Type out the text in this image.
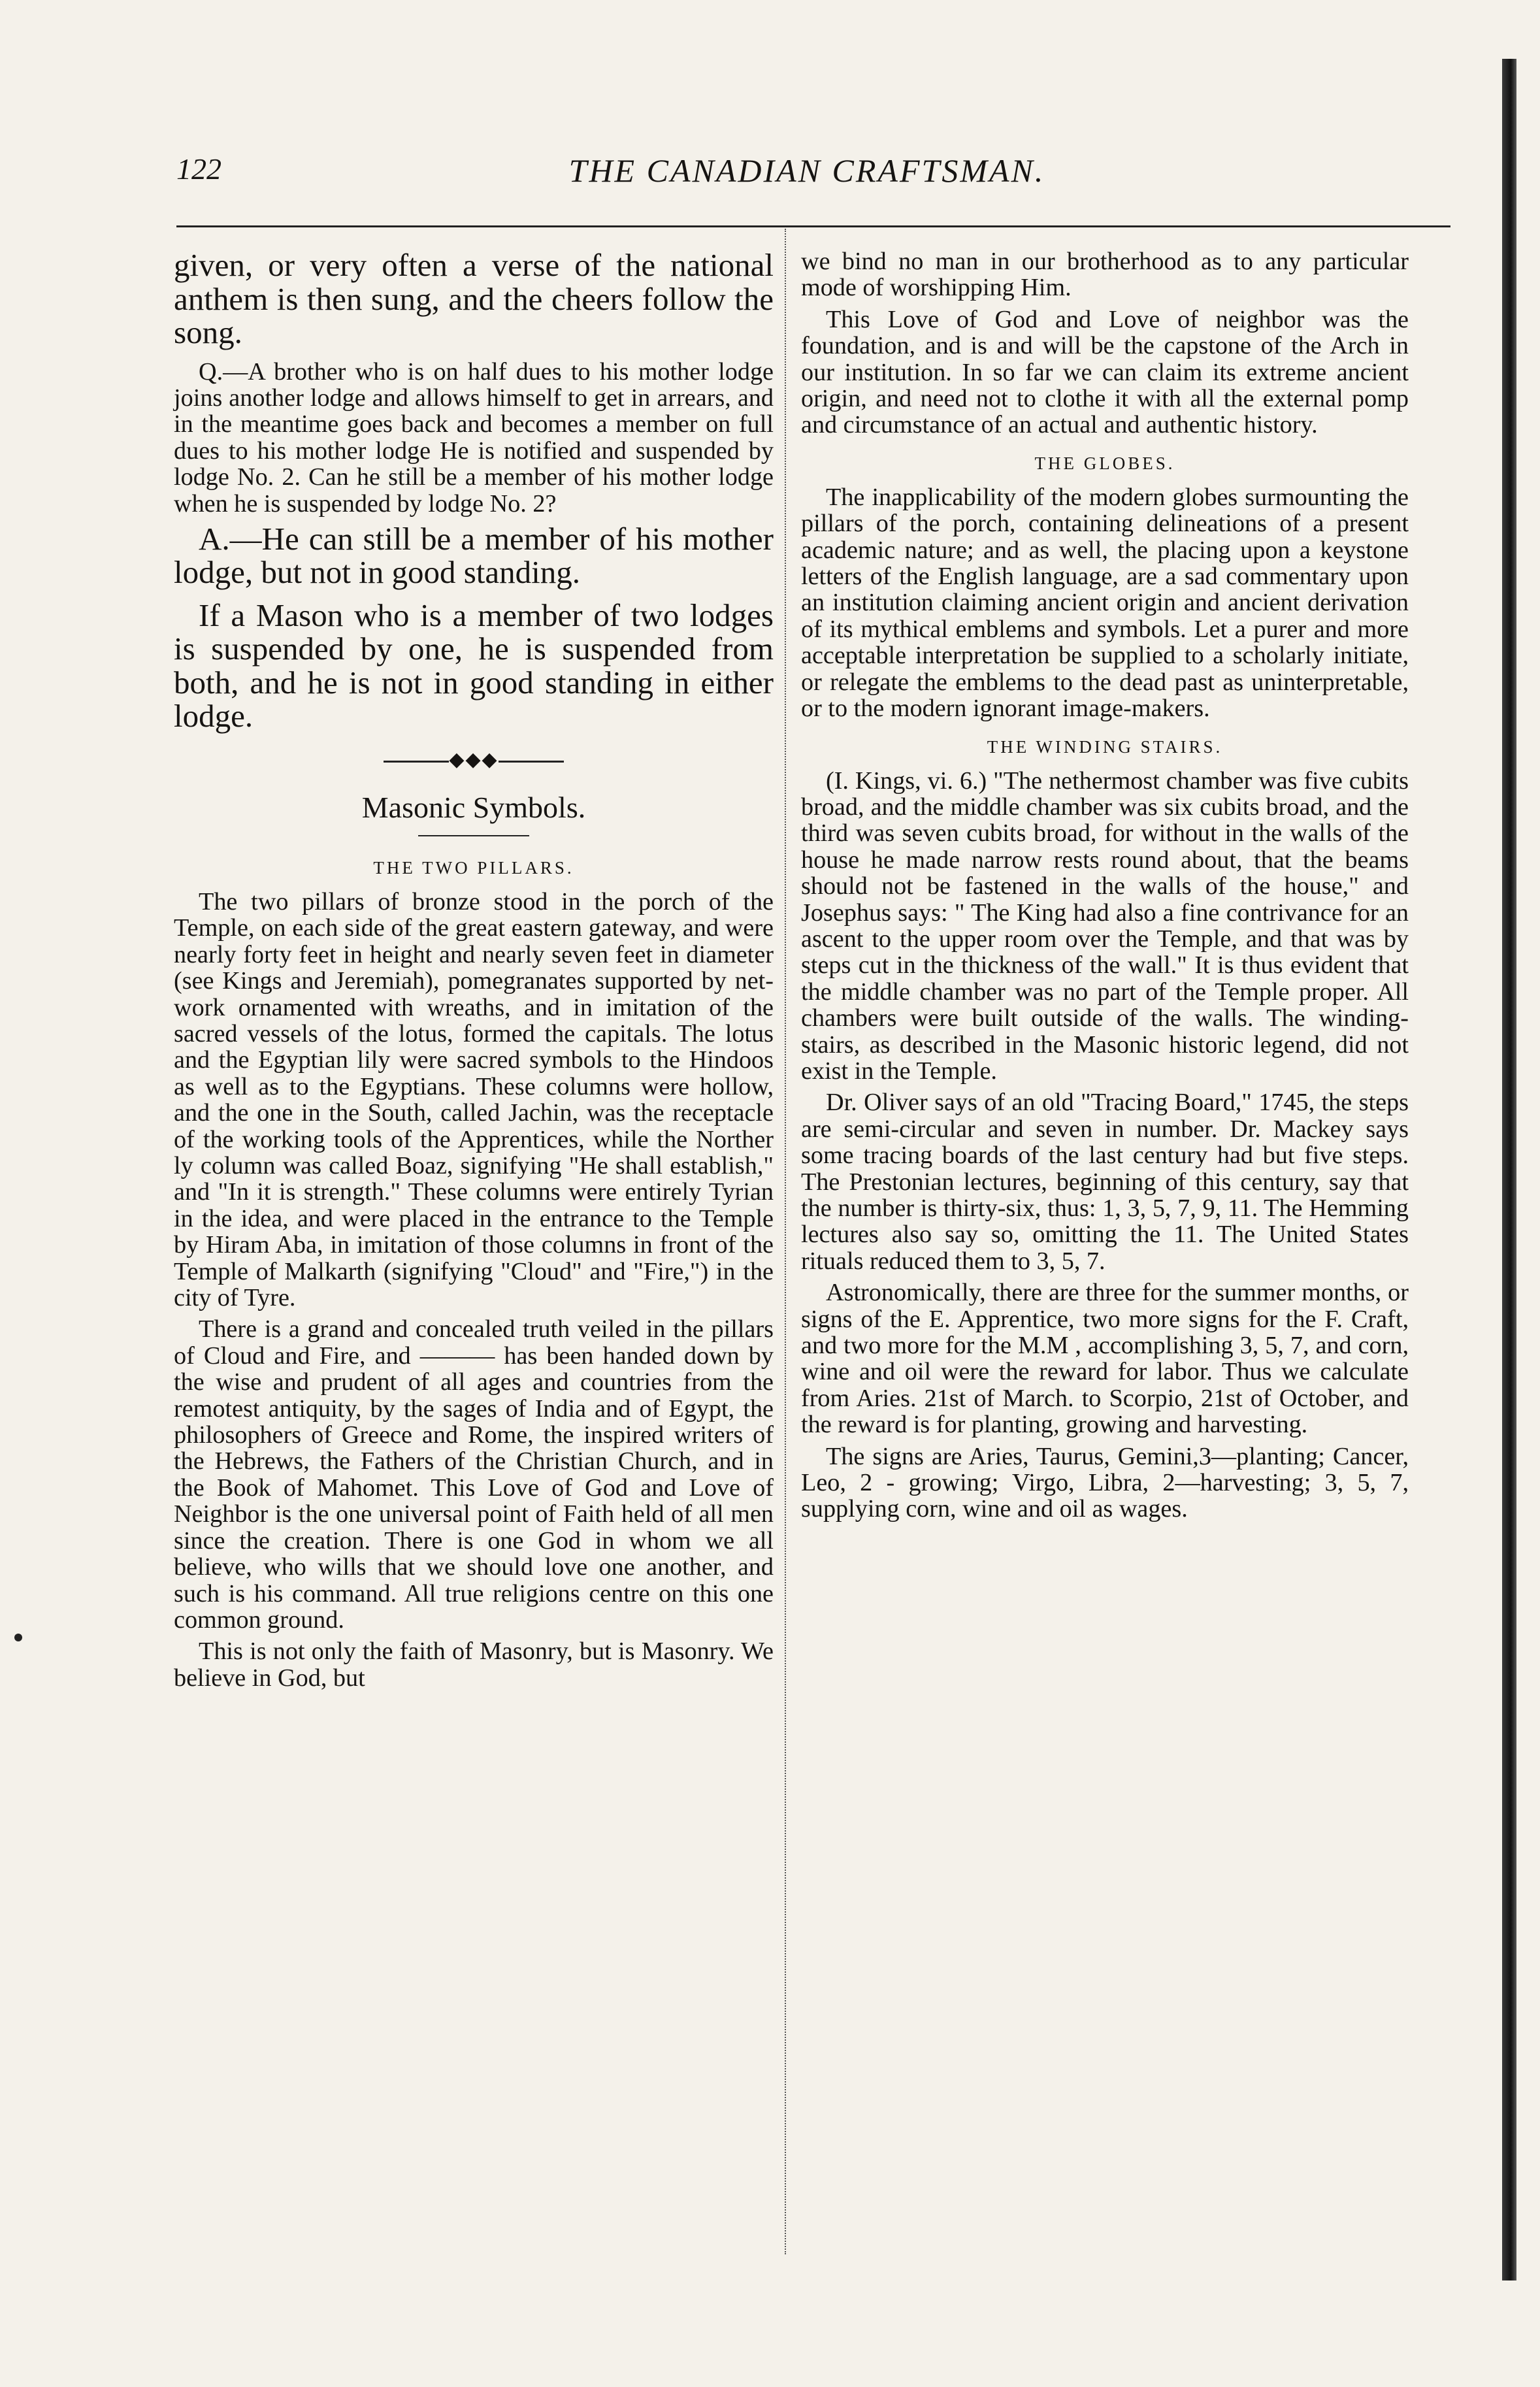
122	THE CANADIAN CRAFTSMAN.

given, or very often a verse of the national anthem is then sung, and the cheers follow the song.

Q.—A brother who is on half dues to his mother lodge joins another lodge and allows himself to get in arrears, and in the meantime goes back and becomes a member on full dues to his mother lodge He is notified and suspended by lodge No. 2. Can he still be a member of his mother lodge when he is suspended by lodge No. 2?

A.—He can still be a member of his mother lodge, but not in good standing.

If a Mason who is a member of two lodges is suspended by one, he is suspended from both, and he is not in good standing in either lodge.

◆◆◆
Masonic Symbols.
THE TWO PILLARS.

The two pillars of bronze stood in the porch of the Temple, on each side of the great eastern gateway, and were nearly forty feet in height and nearly seven feet in diameter (see Kings and Jeremiah), pomegranates supported by net-work ornamented with wreaths, and in imitation of the sacred vessels of the lotus, formed the capitals. The lotus and the Egyptian lily were sacred symbols to the Hindoos as well as to the Egyptians. These columns were hollow, and the one in the South, called Jachin, was the receptacle of the working tools of the Apprentices, while the Norther ly column was called Boaz, signifying "He shall establish," and "In it is strength." These columns were entirely Tyrian in the idea, and were placed in the entrance to the Temple by Hiram Aba, in imitation of those columns in front of the Temple of Malkarth (signifying "Cloud" and "Fire,") in the city of Tyre.

There is a grand and concealed truth veiled in the pillars of Cloud and Fire, and ——— has been handed down by the wise and prudent of all ages and countries from the remotest antiquity, by the sages of India and of Egypt, the philosophers of Greece and Rome, the inspired writers of the Hebrews, the Fathers of the Christian Church, and in the Book of Mahomet. This Love of God and Love of Neighbor is the one universal point of Faith held of all men since the creation. There is one God in whom we all believe, who wills that we should love one another, and such is his command. All true religions centre on this one common ground.

This is not only the faith of Masonry, but is Masonry. We believe in God, but

we bind no man in our brotherhood as to any particular mode of worshipping Him.

This Love of God and Love of neighbor was the foundation, and is and will be the capstone of the Arch in our institution. In so far we can claim its extreme ancient origin, and need not to clothe it with all the external pomp and circumstance of an actual and authentic history.

THE GLOBES.

The inapplicability of the modern globes surmounting the pillars of the porch, containing delineations of a present academic nature; and as well, the placing upon a keystone letters of the English language, are a sad commentary upon an institution claiming ancient origin and ancient derivation of its mythical emblems and symbols. Let a purer and more acceptable interpretation be supplied to a scholarly initiate, or relegate the emblems to the dead past as uninterpretable, or to the modern ignorant image-makers.

THE WINDING STAIRS.

(I. Kings, vi. 6.) "The nethermost chamber was five cubits broad, and the middle chamber was six cubits broad, and the third was seven cubits broad, for without in the walls of the house he made narrow rests round about, that the beams should not be fastened in the walls of the house," and Josephus says: " The King had also a fine contrivance for an ascent to the upper room over the Temple, and that was by steps cut in the thickness of the wall." It is thus evident that the middle chamber was no part of the Temple proper. All chambers were built outside of the walls. The winding-stairs, as described in the Masonic historic legend, did not exist in the Temple.

Dr. Oliver says of an old "Tracing Board," 1745, the steps are semi-circular and seven in number. Dr. Mackey says some tracing boards of the last century had but five steps. The Prestonian lectures, beginning of this century, say that the number is thirty-six, thus: 1, 3, 5, 7, 9, 11. The Hemming lectures also say so, omitting the 11. The United States rituals reduced them to 3, 5, 7.

Astronomically, there are three for the summer months, or signs of the E. Apprentice, two more signs for the F. Craft, and two more for the M.M , accomplishing 3, 5, 7, and corn, wine and oil were the reward for labor. Thus we calculate from Aries. 21st of March. to Scorpio, 21st of October, and the reward is for planting, growing and harvesting.

The signs are Aries, Taurus, Gemini,3—planting; Cancer, Leo, 2 - growing; Virgo, Libra, 2—harvesting; 3, 5, 7, supplying corn, wine and oil as wages.
